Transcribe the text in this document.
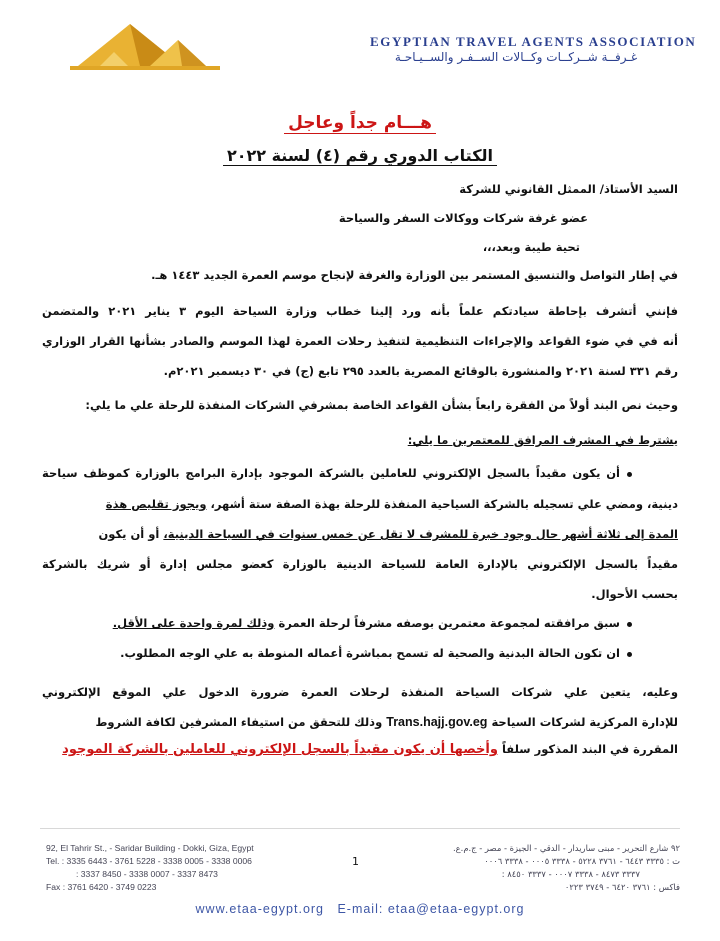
EGYPTIAN TRAVEL AGENTS ASSOCIATION
غـرفــة شــركــات وكــالات الســفـر والســيـاحـة
هـــام جداً وعاجل
الكتاب الدوري رقم (٤) لسنة ٢٠٢٢
السيد الأستاذ/ الممثل القانوني للشركة
عضو غرفة شركات ووكالات السفر والسياحة
تحية طيبة وبعد،،،
في إطار التواصل والتنسيق المستمر بين الوزارة والغرفة لإنجاح موسم العمرة الجديد ١٤٤٣ هـ.
فإنني أتشرف بإحاطة سيادتكم علماً بأنه ورد إلينا خطاب وزارة السياحة اليوم ٣ يناير ٢٠٢١ والمتضمن
أنه في في ضوء القواعد والإجراءات التنظيمية لتنفيذ رحلات العمرة لهذا الموسم والصادر بشأنها القرار الوزاري
رقم ٣٣١ لسنة ٢٠٢١ والمنشورة بالوقائع المصرية بالعدد ٢٩٥ تابع (ج) في ٣٠ ديسمبر ٢٠٢١م.
وحيث نص البند أولاً من الفقرة رابعاً بشأن القواعد الخاصة بمشرفي الشركات المنفذة للرحلة علي ما يلي:
يشترط في المشرف المرافق للمعتمرين ما يلي:
أن يكون مقيداً بالسجل الإلكتروني للعاملين بالشركة الموجود بإدارة البرامج بالوزارة كموظف سياحة
دينية، ومضي علي تسجيله بالشركة السياحية المنفذة للرحلة بهذة الصفة ستة أشهر، ويجوز تقليص هذة
المدة إلى ثلاثة أشهر حال وجود خبرة للمشرف لا تقل عن خمس سنوات في السياحة الدينية، أو أن يكون
مقيداً بالسجل الإلكتروني بالإدارة العامة للسياحة الدينية بالوزارة كعضو مجلس إدارة أو شريك بالشركة
بحسب الأحوال.
سبق مرافقته لمجموعة معتمرين بوصفه مشرفاً لرحلة العمرة وذلك لمرة واحدة على الأقل.
ان تكون الحالة البدنية والصحية له تسمح بمباشرة أعماله المنوطة به علي الوجه المطلوب.
وعليه، يتعين علي شركات السياحة المنفذة لرحلات العمرة ضرورة الدخول علي الموقع الإلكتروني
للإدارة المركزية لشركات السياحة Trans.hajj.gov.eg وذلك للتحقق من استيفاء المشرفين لكافة الشروط
المقررة في البند المذكور سلفاً وأخصها أن يكون مقيداً بالسجل الإلكتروني للعاملين بالشركة الموجود
92, El Tahrir St., - Saridar Building - Dokki, Giza, Egypt
Tel. : 3335 6443 - 3761 5228 - 3338 0005 - 3338 0006
: 3337 8450 - 3338 0007 - 3337 8473
Fax : 3761 6420 - 3749 0223
1
٩٢ شارع التحرير - مبنى ساريدار - الدقي - الجيزة - مصر - ج.م.ع.
ت : ٣٣٣٥ ٦٤٤٣ - ٣٧٦١ ٥٢٢٨ - ٣٣٣٨ ٠٠٠٥ - ٣٣٣٨ ٠٠٠٦
٣٣٣٧ ٨٤٧٣ - ٣٣٣٨ ٠٠٠٧ - ٣٣٣٧ ٨٤٥٠ :
فاكس : ٣٧٦١ ٦٤٢٠ - ٣٧٤٩ ٠٢٢٣
www.etaa-egypt.org E-mail: etaa@etaa-egypt.org
